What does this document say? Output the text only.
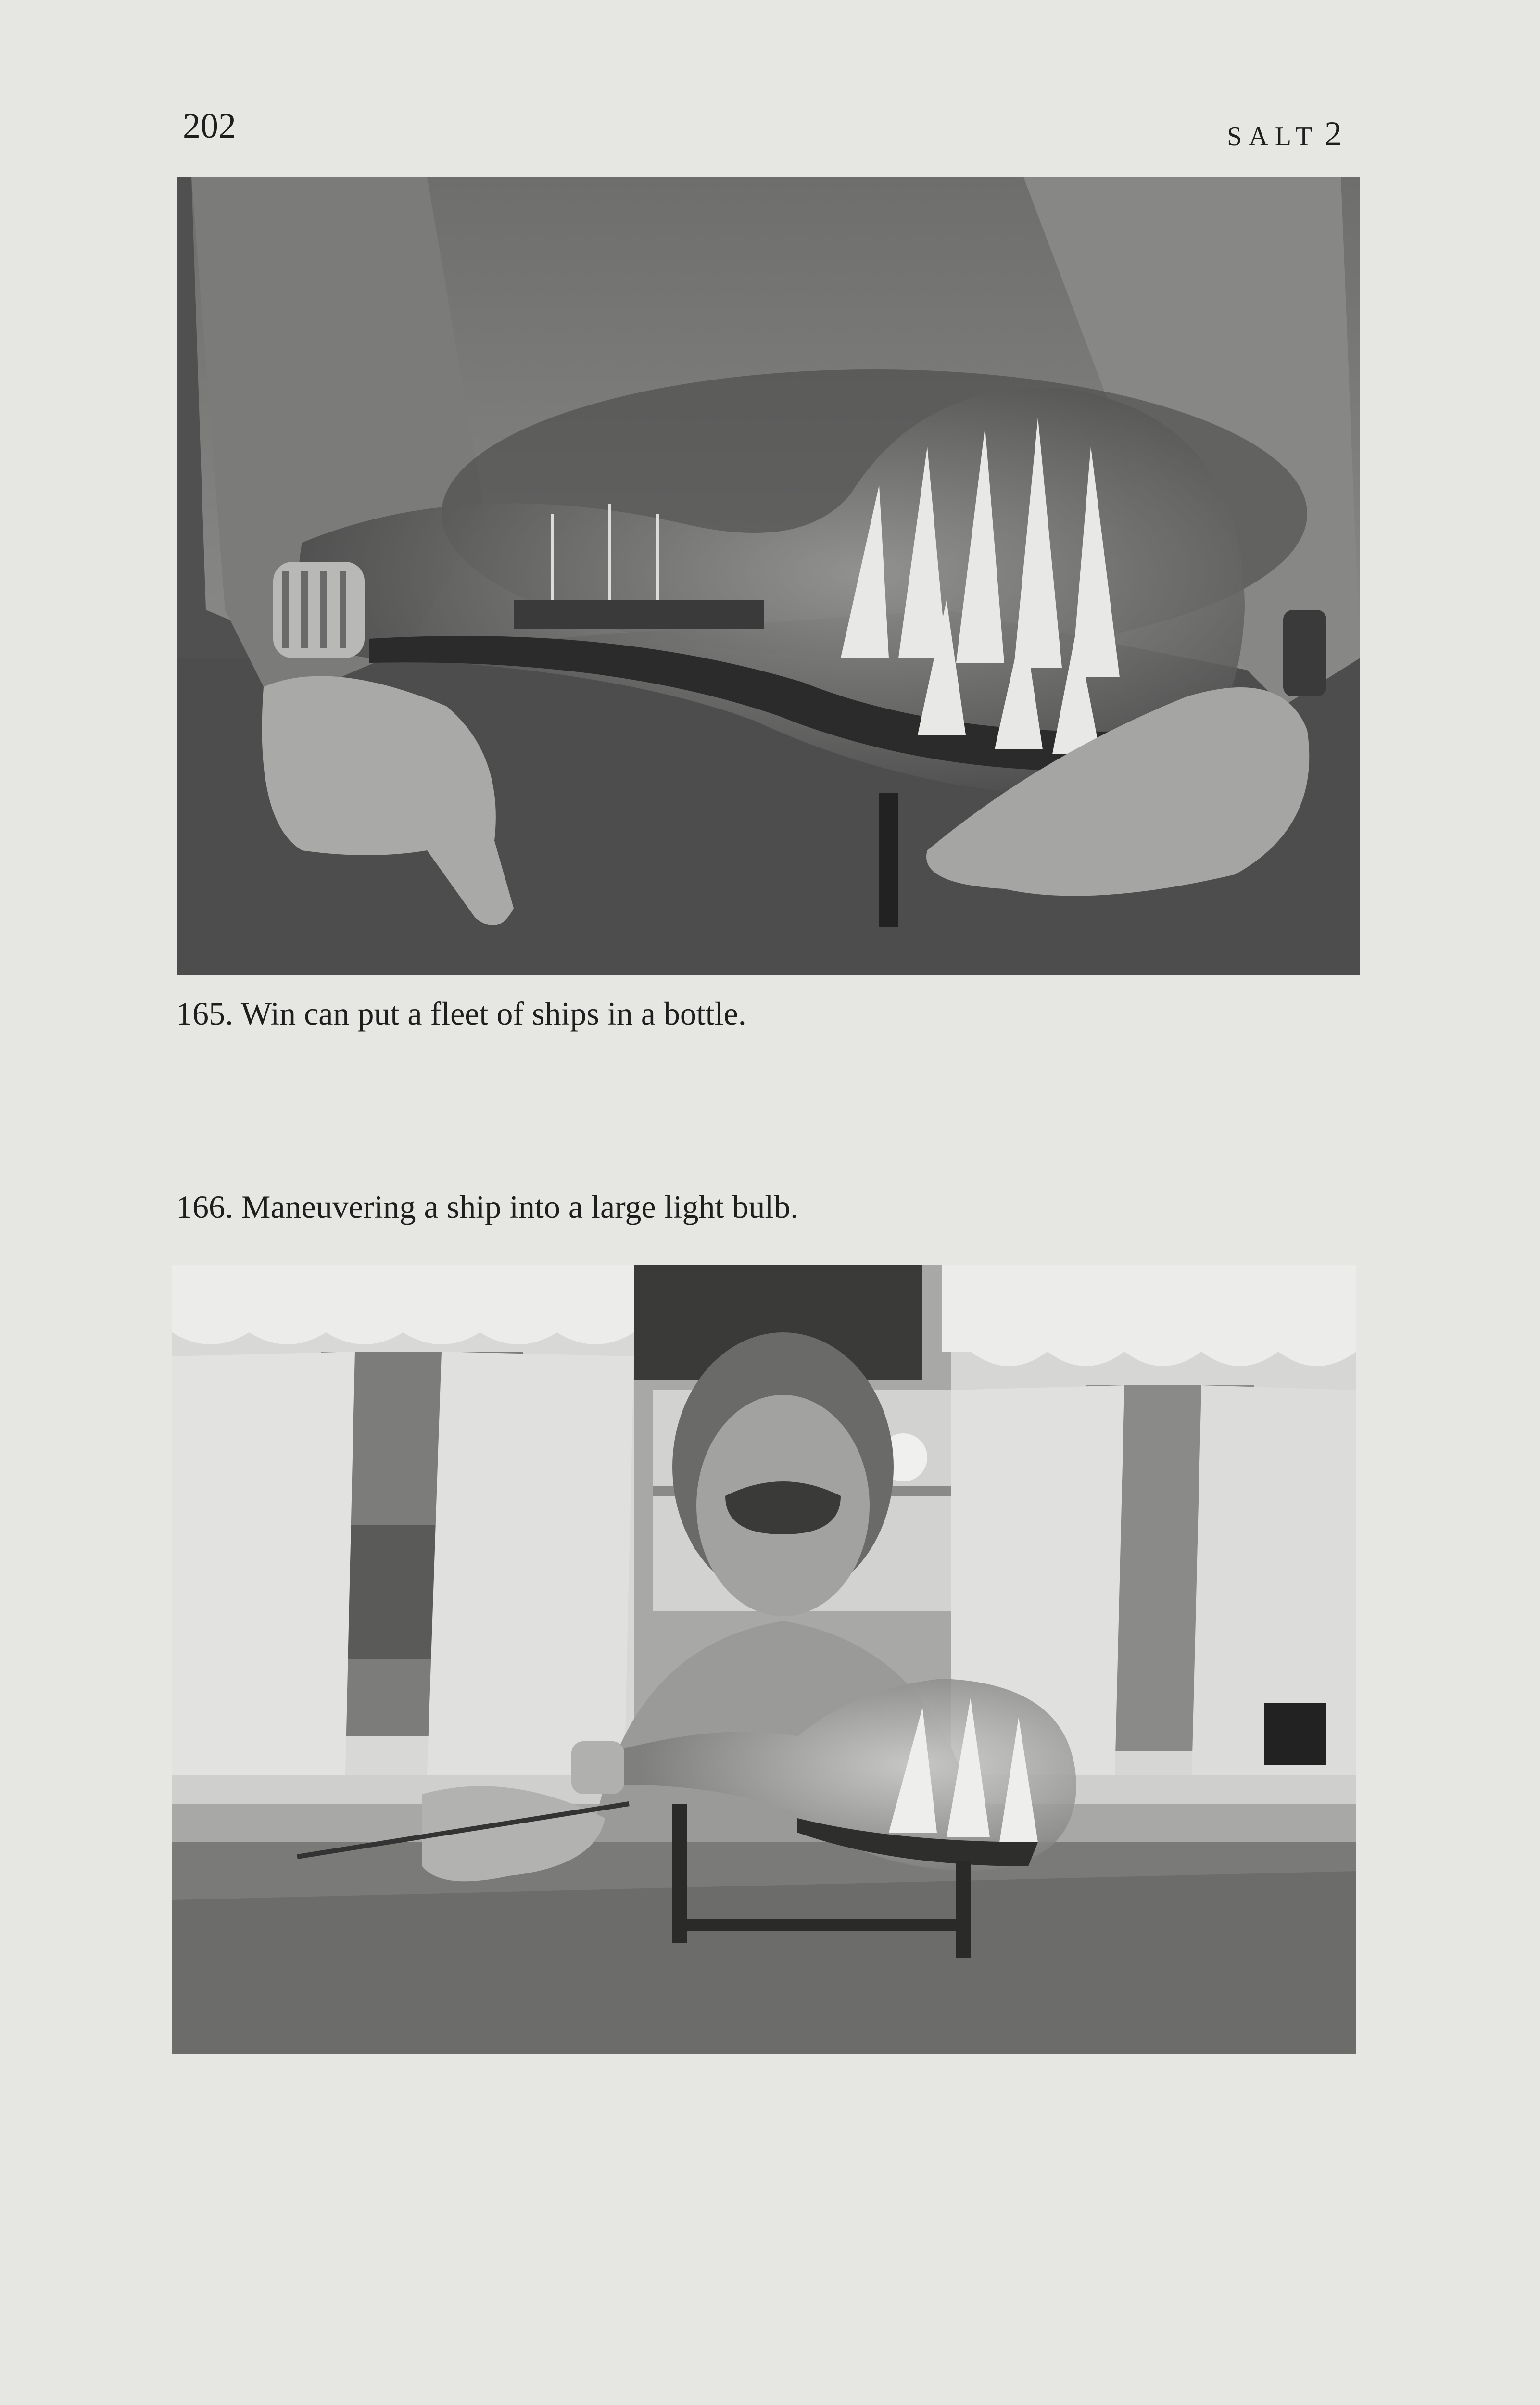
202	SALT 2
165. Win can put a fleet of ships in a bottle.
166. Maneuvering a ship into a large light bulb.
